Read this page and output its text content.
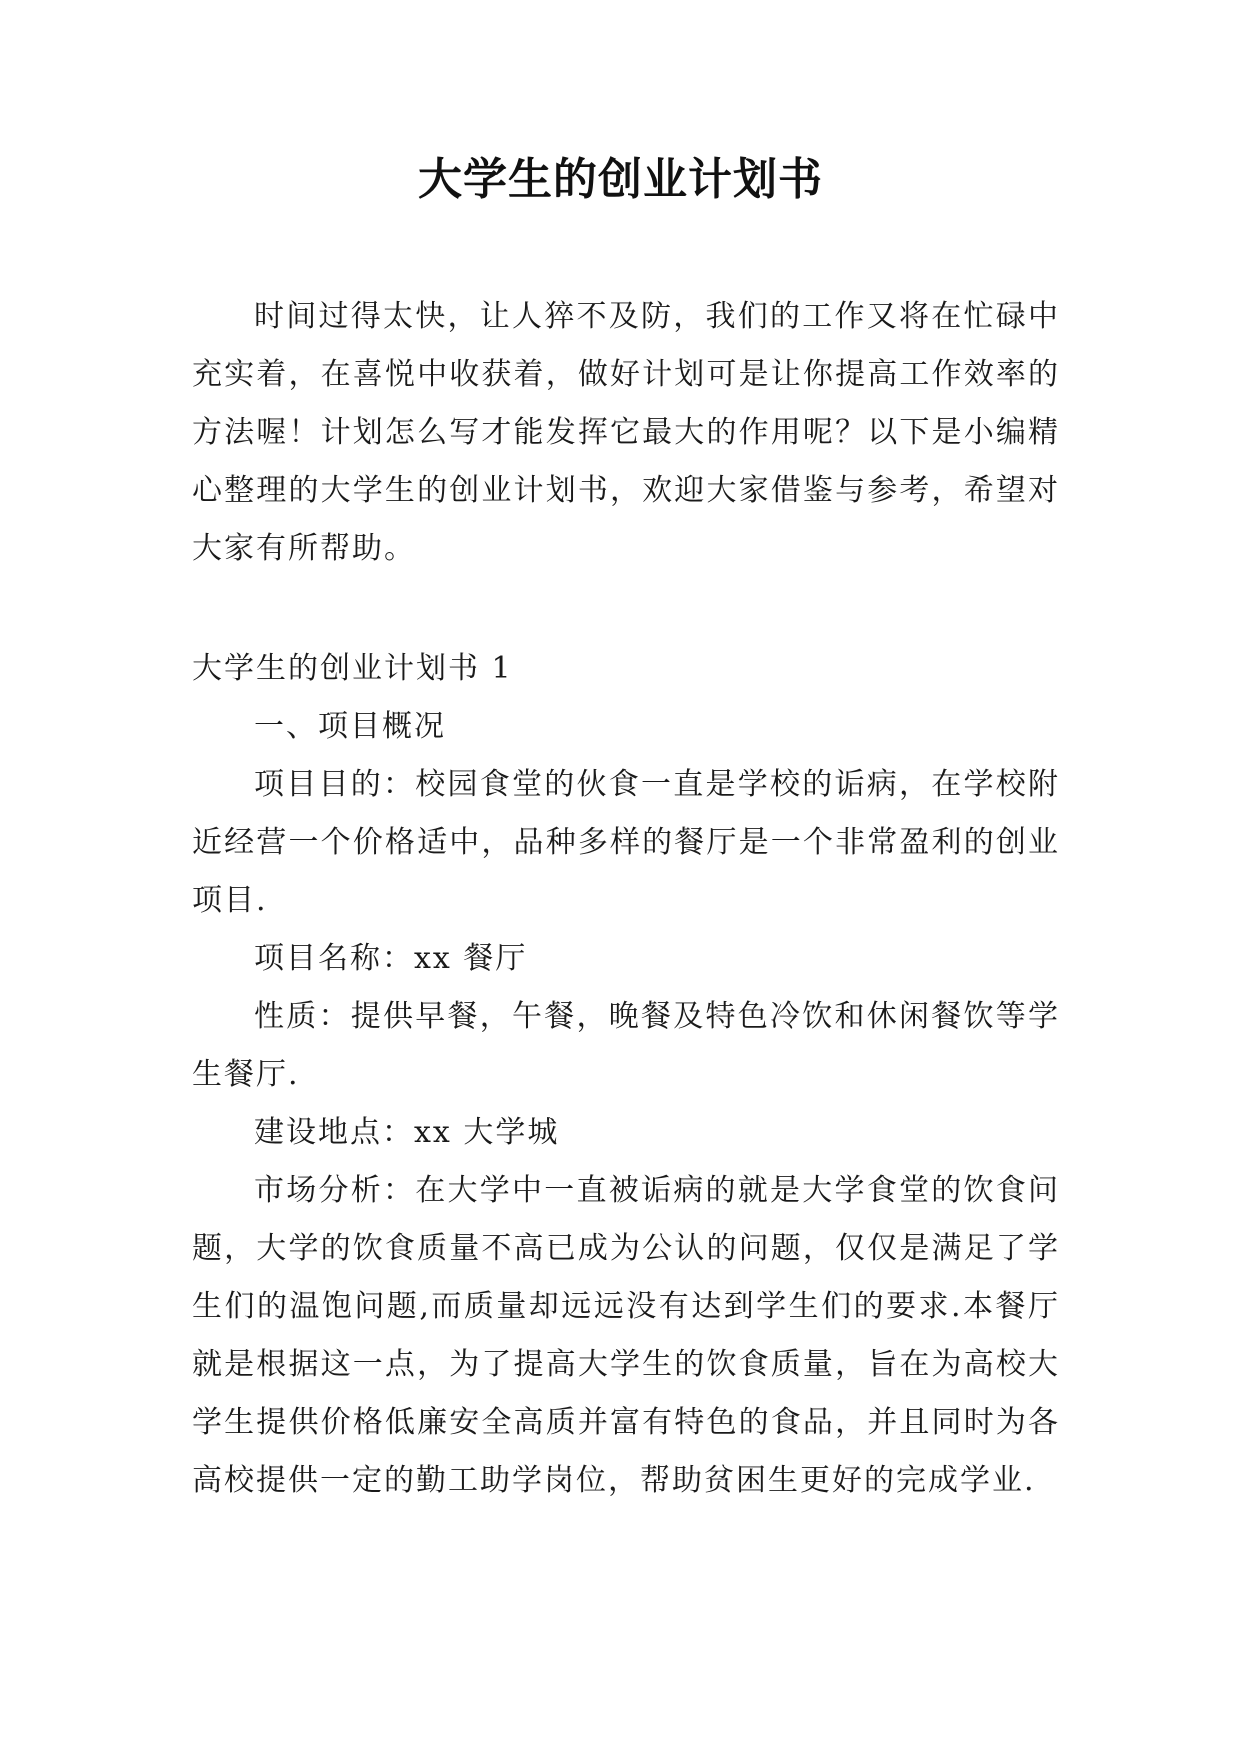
大学生的创业计划书

时间过得太快，让人猝不及防，我们的工作又将在忙碌中充实着，在喜悦中收获着，做好计划可是让你提高工作效率的方法喔！计划怎么写才能发挥它最大的作用呢？以下是小编精心整理的大学生的创业计划书，欢迎大家借鉴与参考，希望对大家有所帮助。

大学生的创业计划书 1

一、项目概况

项目目的：校园食堂的伙食一直是学校的诟病，在学校附近经营一个价格适中，品种多样的餐厅是一个非常盈利的创业项目.

项目名称：xx 餐厅

性质：提供早餐，午餐，晚餐及特色冷饮和休闲餐饮等学生餐厅.

建设地点：xx 大学城

市场分析：在大学中一直被诟病的就是大学食堂的饮食问题，大学的饮食质量不高已成为公认的问题，仅仅是满足了学生们的温饱问题,而质量却远远没有达到学生们的要求.本餐厅就是根据这一点，为了提高大学生的饮食质量，旨在为高校大学生提供价格低廉安全高质并富有特色的食品，并且同时为各高校提供一定的勤工助学岗位，帮助贫困生更好的完成学业.
